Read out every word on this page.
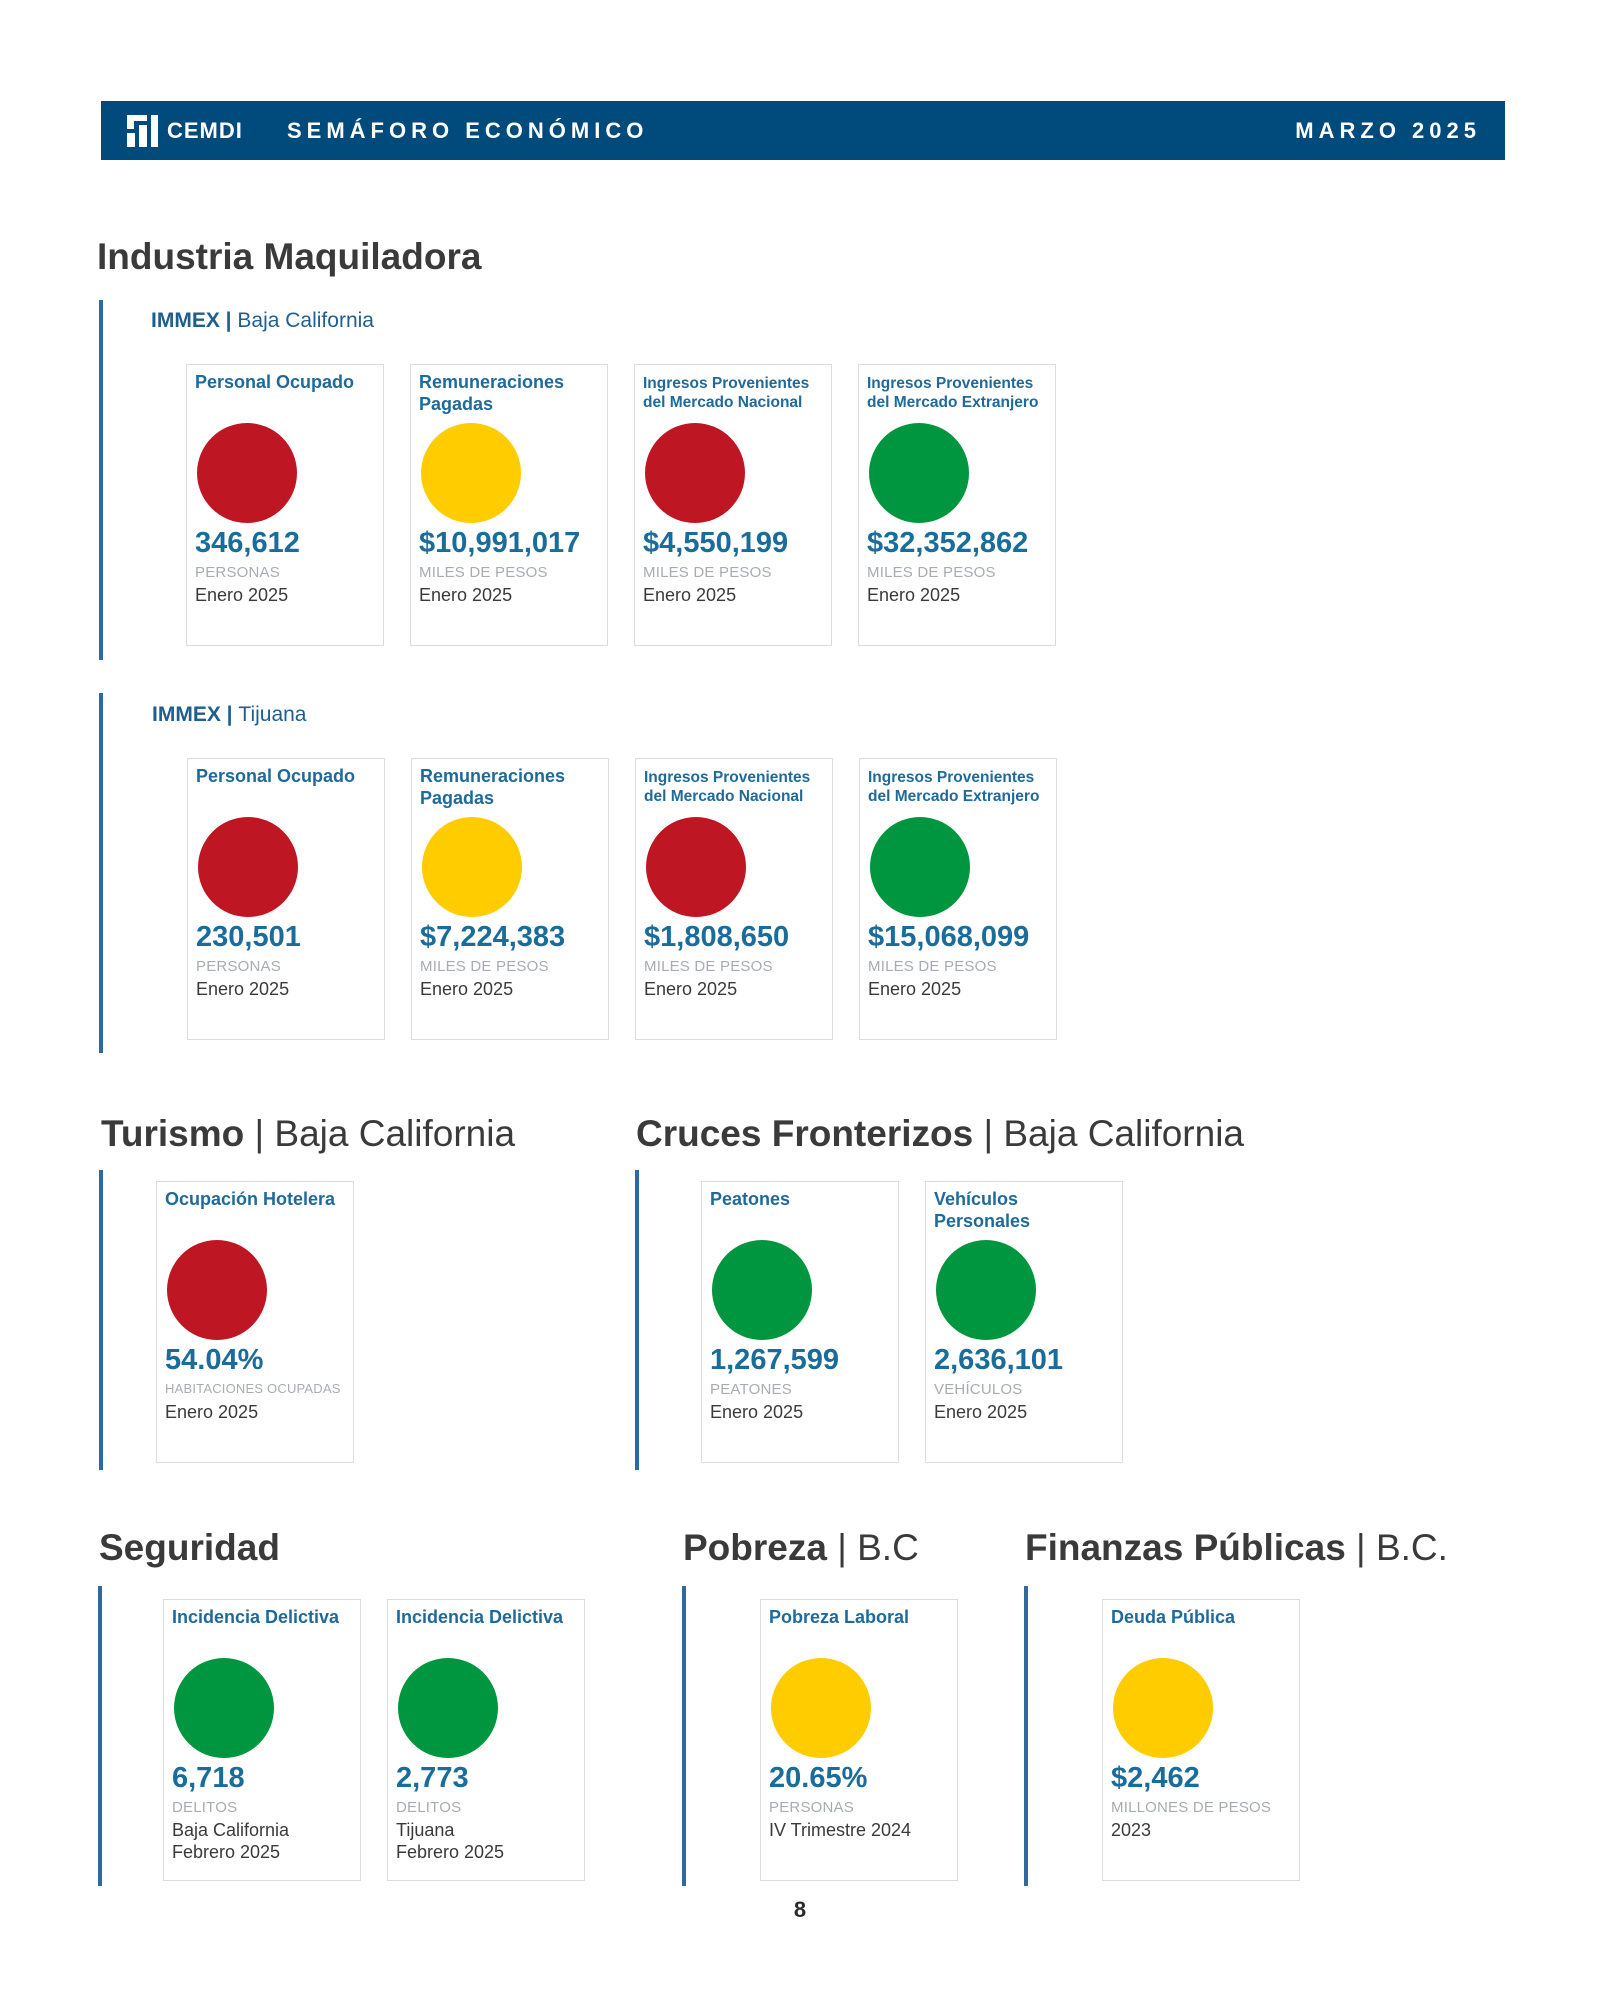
CEMDI SEMÁFORO ECONÓMICO	MARZO 2025
Industria Maquiladora
IMMEX | Baja California
Personal Ocupado
346,612
PERSONAS
Enero 2025
Remuneraciones Pagadas
$10,991,017
MILES DE PESOS
Enero 2025
Ingresos Provenientes del Mercado Nacional
$4,550,199
MILES DE PESOS
Enero 2025
Ingresos Provenientes del Mercado Extranjero
$32,352,862
MILES DE PESOS
Enero 2025
IMMEX | Tijuana
Personal Ocupado
230,501
PERSONAS
Enero 2025
Remuneraciones Pagadas
$7,224,383
MILES DE PESOS
Enero 2025
Ingresos Provenientes del Mercado Nacional
$1,808,650
MILES DE PESOS
Enero 2025
Ingresos Provenientes del Mercado Extranjero
$15,068,099
MILES DE PESOS
Enero 2025
Turismo | Baja California
Ocupación Hotelera
54.04%
HABITACIONES OCUPADAS
Enero 2025
Cruces Fronterizos | Baja California
Peatones
1,267,599
PEATONES
Enero 2025
Vehículos Personales
2,636,101
VEHÍCULOS
Enero 2025
Seguridad
Incidencia Delictiva
6,718
DELITOS
Baja California
Febrero 2025
Incidencia Delictiva
2,773
DELITOS
Tijuana
Febrero 2025
Pobreza | B.C
Pobreza Laboral
20.65%
PERSONAS
IV Trimestre 2024
Finanzas Públicas | B.C.
Deuda Pública
$2,462
MILLONES DE PESOS
2023
8
